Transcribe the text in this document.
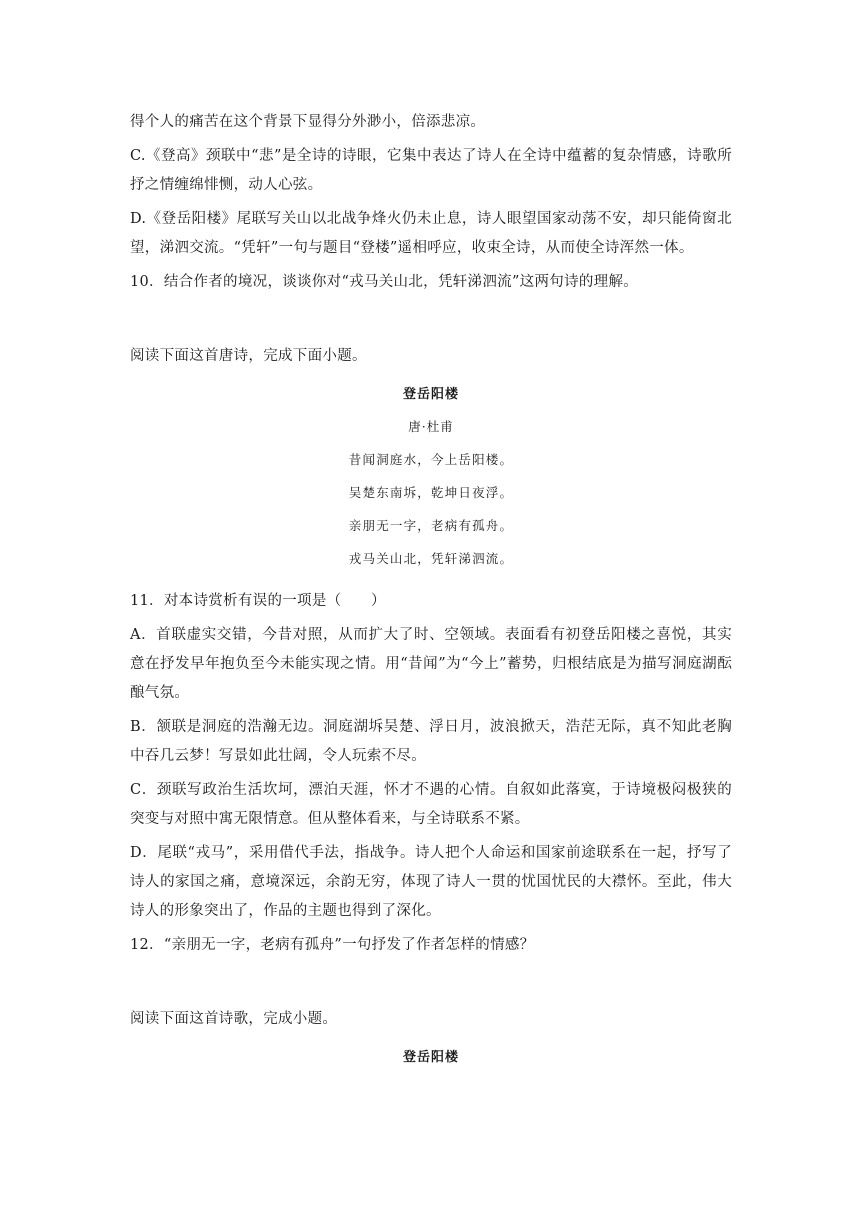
得个人的痛苦在这个背景下显得分外渺小，倍添悲凉。

C.《登高》颈联中“悲”是全诗的诗眼，它集中表达了诗人在全诗中蕴蓄的复杂情感，诗歌所抒之情缠绵悱恻，动人心弦。

D.《登岳阳楼》尾联写关山以北战争烽火仍未止息，诗人眼望国家动荡不安，却只能倚窗北望，涕泗交流。“凭轩”一句与题目“登楼”遥相呼应，收束全诗，从而使全诗浑然一体。

10．结合作者的境况，谈谈你对“戎马关山北，凭轩涕泗流”这两句诗的理解。

阅读下面这首唐诗，完成下面小题。

登岳阳楼
唐·杜甫
昔闻洞庭水，今上岳阳楼。
吴楚东南坼，乾坤日夜浮。
亲朋无一字，老病有孤舟。
戎马关山北，凭轩涕泗流。

11．对本诗赏析有误的一项是（　　）

A．首联虚实交错，今昔对照，从而扩大了时、空领域。表面看有初登岳阳楼之喜悦，其实意在抒发早年抱负至今未能实现之情。用“昔闻”为“今上”蓄势，归根结底是为描写洞庭湖酝酿气氛。

B．颔联是洞庭的浩瀚无边。洞庭湖坼吴楚、浮日月，波浪掀天，浩茫无际，真不知此老胸中吞几云梦！写景如此壮阔，令人玩索不尽。

C．颈联写政治生活坎坷，漂泊天涯，怀才不遇的心情。自叙如此落寞，于诗境极闷极狭的突变与对照中寓无限情意。但从整体看来，与全诗联系不紧。

D．尾联“戎马”，采用借代手法，指战争。诗人把个人命运和国家前途联系在一起，抒写了诗人的家国之痛，意境深远，余韵无穷，体现了诗人一贯的忧国忧民的大襟怀。至此，伟大诗人的形象突出了，作品的主题也得到了深化。

12．“亲朋无一字，老病有孤舟”一句抒发了作者怎样的情感？

阅读下面这首诗歌，完成小题。

登岳阳楼
